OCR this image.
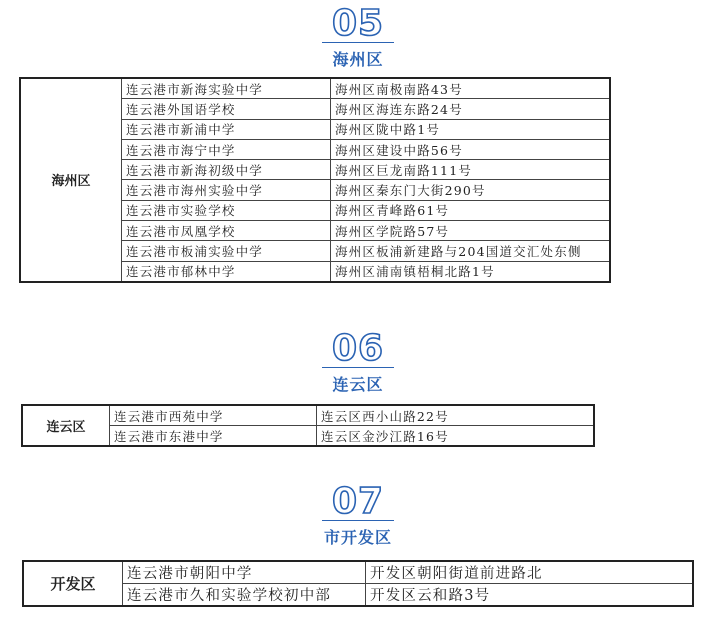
05
海州区
海州区	连云港市新海实验中学	海州区南极南路43号
	连云港外国语学校	海州区海连东路24号
	连云港市新浦中学	海州区陇中路1号
	连云港市海宁中学	海州区建设中路56号
	连云港市新海初级中学	海州区巨龙南路111号
	连云港市海州实验中学	海州区秦东门大街290号
	连云港市实验学校	海州区青峰路61号
	连云港市凤凰学校	海州区学院路57号
	连云港市板浦实验中学	海州区板浦新建路与204国道交汇处东侧
	连云港市郁林中学	海州区浦南镇梧桐北路1号
06
连云区
连云区	连云港市西苑中学	连云区西小山路22号
	连云港市东港中学	连云区金沙江路16号
07
市开发区
开发区	连云港市朝阳中学	开发区朝阳街道前进路北
	连云港市久和实验学校初中部	开发区云和路3号
